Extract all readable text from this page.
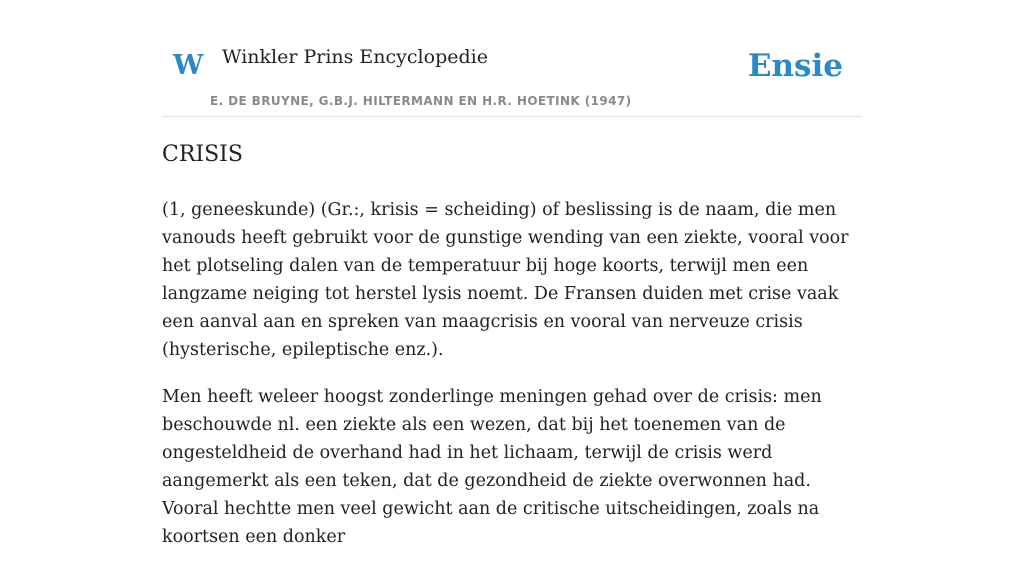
W Winkler Prins Encyclopedie
E. DE BRUYNE, G.B.J. HILTERMANN EN H.R. HOETINK (1947)
Ensie
CRISIS

(1, geneeskunde) (Gr.:, krisis = scheiding) of beslissing is de naam, die men vanouds heeft gebruikt voor de gunstige wending van een ziekte, vooral voor het plotseling dalen van de temperatuur bij hoge koorts, terwijl men een langzame neiging tot herstel lysis noemt. De Fransen duiden met crise vaak een aanval aan en spreken van maagcrisis en vooral van nerveuze crisis (hysterische, epileptische enz.).

Men heeft weleer hoogst zonderlinge meningen gehad over de crisis: men beschouwde nl. een ziekte als een wezen, dat bij het toenemen van de ongesteldheid de overhand had in het lichaam, terwijl de crisis werd aangemerkt als een teken, dat de gezondheid de ziekte overwonnen had. Vooral hechtte men veel gewicht aan de critische uitscheidingen, zoals na koortsen een donker
